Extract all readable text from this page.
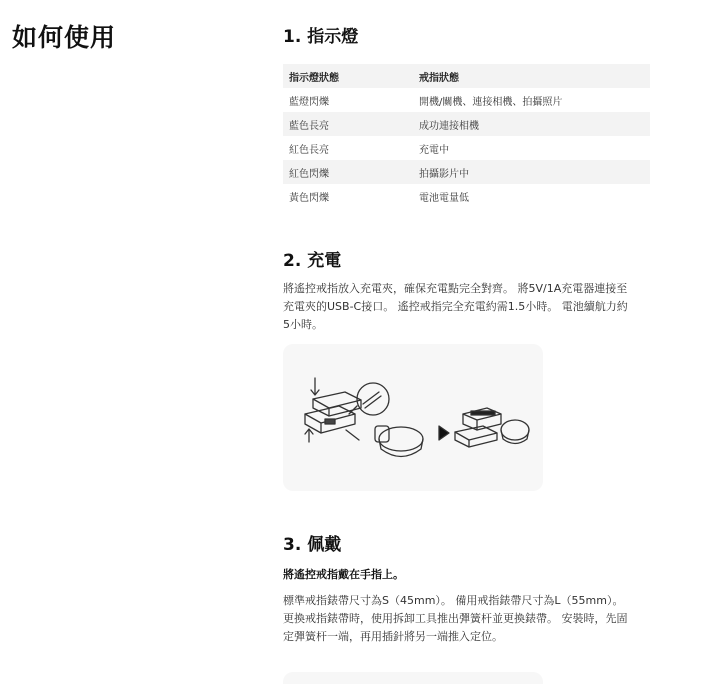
如何使用	1. 指示燈
指示燈狀態	戒指狀態
藍燈閃爍	開機/關機、連接相機、拍攝照片
藍色長亮	成功連接相機
紅色長亮	充電中
紅色閃爍	拍攝影片中
黃色閃爍	電池電量低
2. 充電
將遙控戒指放入充電夾，確保充電點完全對齊。 將5V/1A充電器連接至充電夾的USB-C接口。 遙控戒指完全充電約需1.5小時。 電池續航力約5小時。
3. 佩戴
將遙控戒指戴在手指上。
標準戒指錶帶尺寸為S（45mm）。 備用戒指錶帶尺寸為L（55mm）。 更換戒指錶帶時，使用拆卸工具推出彈簧杆並更換錶帶。 安裝時，先固定彈簧杆一端，再用插針將另一端推入定位。
